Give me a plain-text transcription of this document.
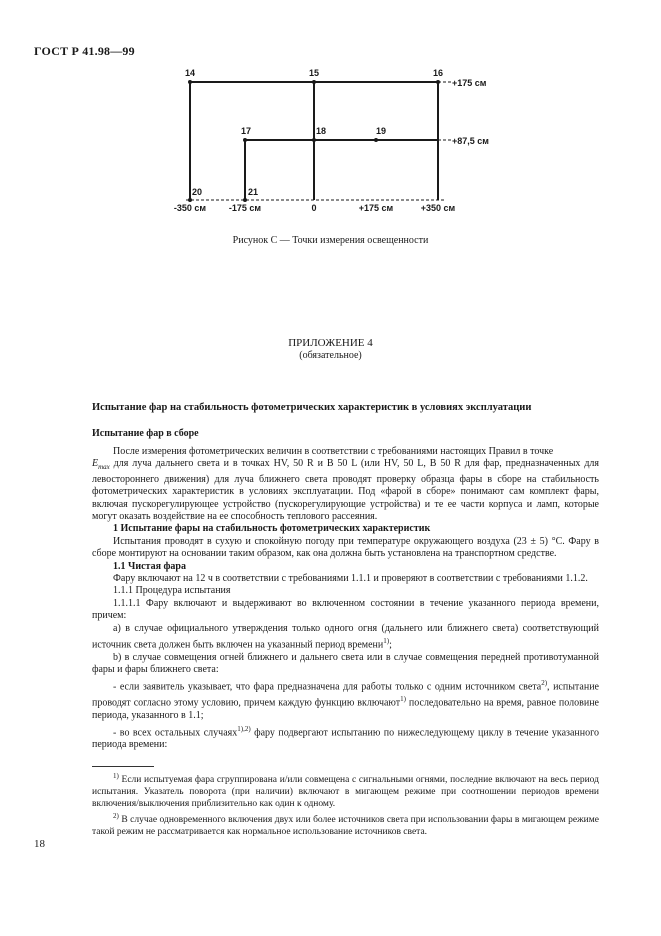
ГОСТ Р 41.98—99
14	15	16
17	18	19
20	21
+175 см
+87,5 см
-350 см	-175 см	0	+175 см	+350 см
Рисунок С — Точки измерения освещенности
ПРИЛОЖЕНИЕ 4
(обязательное)
Испытание фар на стабильность фотометрических характеристик в условиях эксплуатации
Испытание фар в сборе

После измерения фотометрических величин в соответствии с требованиями настоящих Правил в точке
$E_{max}$ для луча дальнего света и в точках HV, 50 R и B 50 L (или HV, 50 L, B 50 R для фар, предназначенных для левостороннего движения) для луча ближнего света проводят проверку образца фары в сборе на стабильность фотометрических характеристик в условиях эксплуатации. Под «фарой в сборе» понимают сам комплект фары, включая пускорегулирующее устройство (пускорегулирующие устройства) и те ее части корпуса и ламп, которые могут оказать воздействие на ее способность теплового рассеяния.

1 Испытание фары на стабильность фотометрических характеристик

Испытания проводят в сухую и спокойную погоду при температуре окружающего воздуха (23 ± 5) °C. Фару в сборе монтируют на основании таким образом, как она должна быть установлена на транспортном средстве.

1.1 Чистая фара

Фару включают на 12 ч в соответствии с требованиями 1.1.1 и проверяют в соответствии с требованиями 1.1.2.

1.1.1 Процедура испытания

1.1.1.1 Фару включают и выдерживают во включенном состоянии в течение указанного периода времени, причем:

a) в случае официального утверждения только одного огня (дальнего или ближнего света) соответствующий источник света должен быть включен на указанный период времени$^{1)}$;

b) в случае совмещения огней ближнего и дальнего света или в случае совмещения передней противотуманной фары и фары ближнего света:

- если заявитель указывает, что фара предназначена для работы только с одним источником света$^{2)}$, испытание проводят согласно этому условию, причем каждую функцию включают$^{1)}$ последовательно на время, равное половине периода, указанного в 1.1;

- во всех остальных случаях$^{1),2)}$ фару подвергают испытанию по нижеследующему циклу в течение указанного периода времени:

$^{1)}$ Если испытуемая фара сгруппирована и/или совмещена с сигнальными огнями, последние включают на весь период испытания. Указатель поворота (при наличии) включают в мигающем режиме при соотношении периодов времени включения/выключения приблизительно как один к одному.

$^{2)}$ В случае одновременного включения двух или более источников света при использовании фары в мигающем режиме такой режим не рассматривается как нормальное использование источников света.

18
